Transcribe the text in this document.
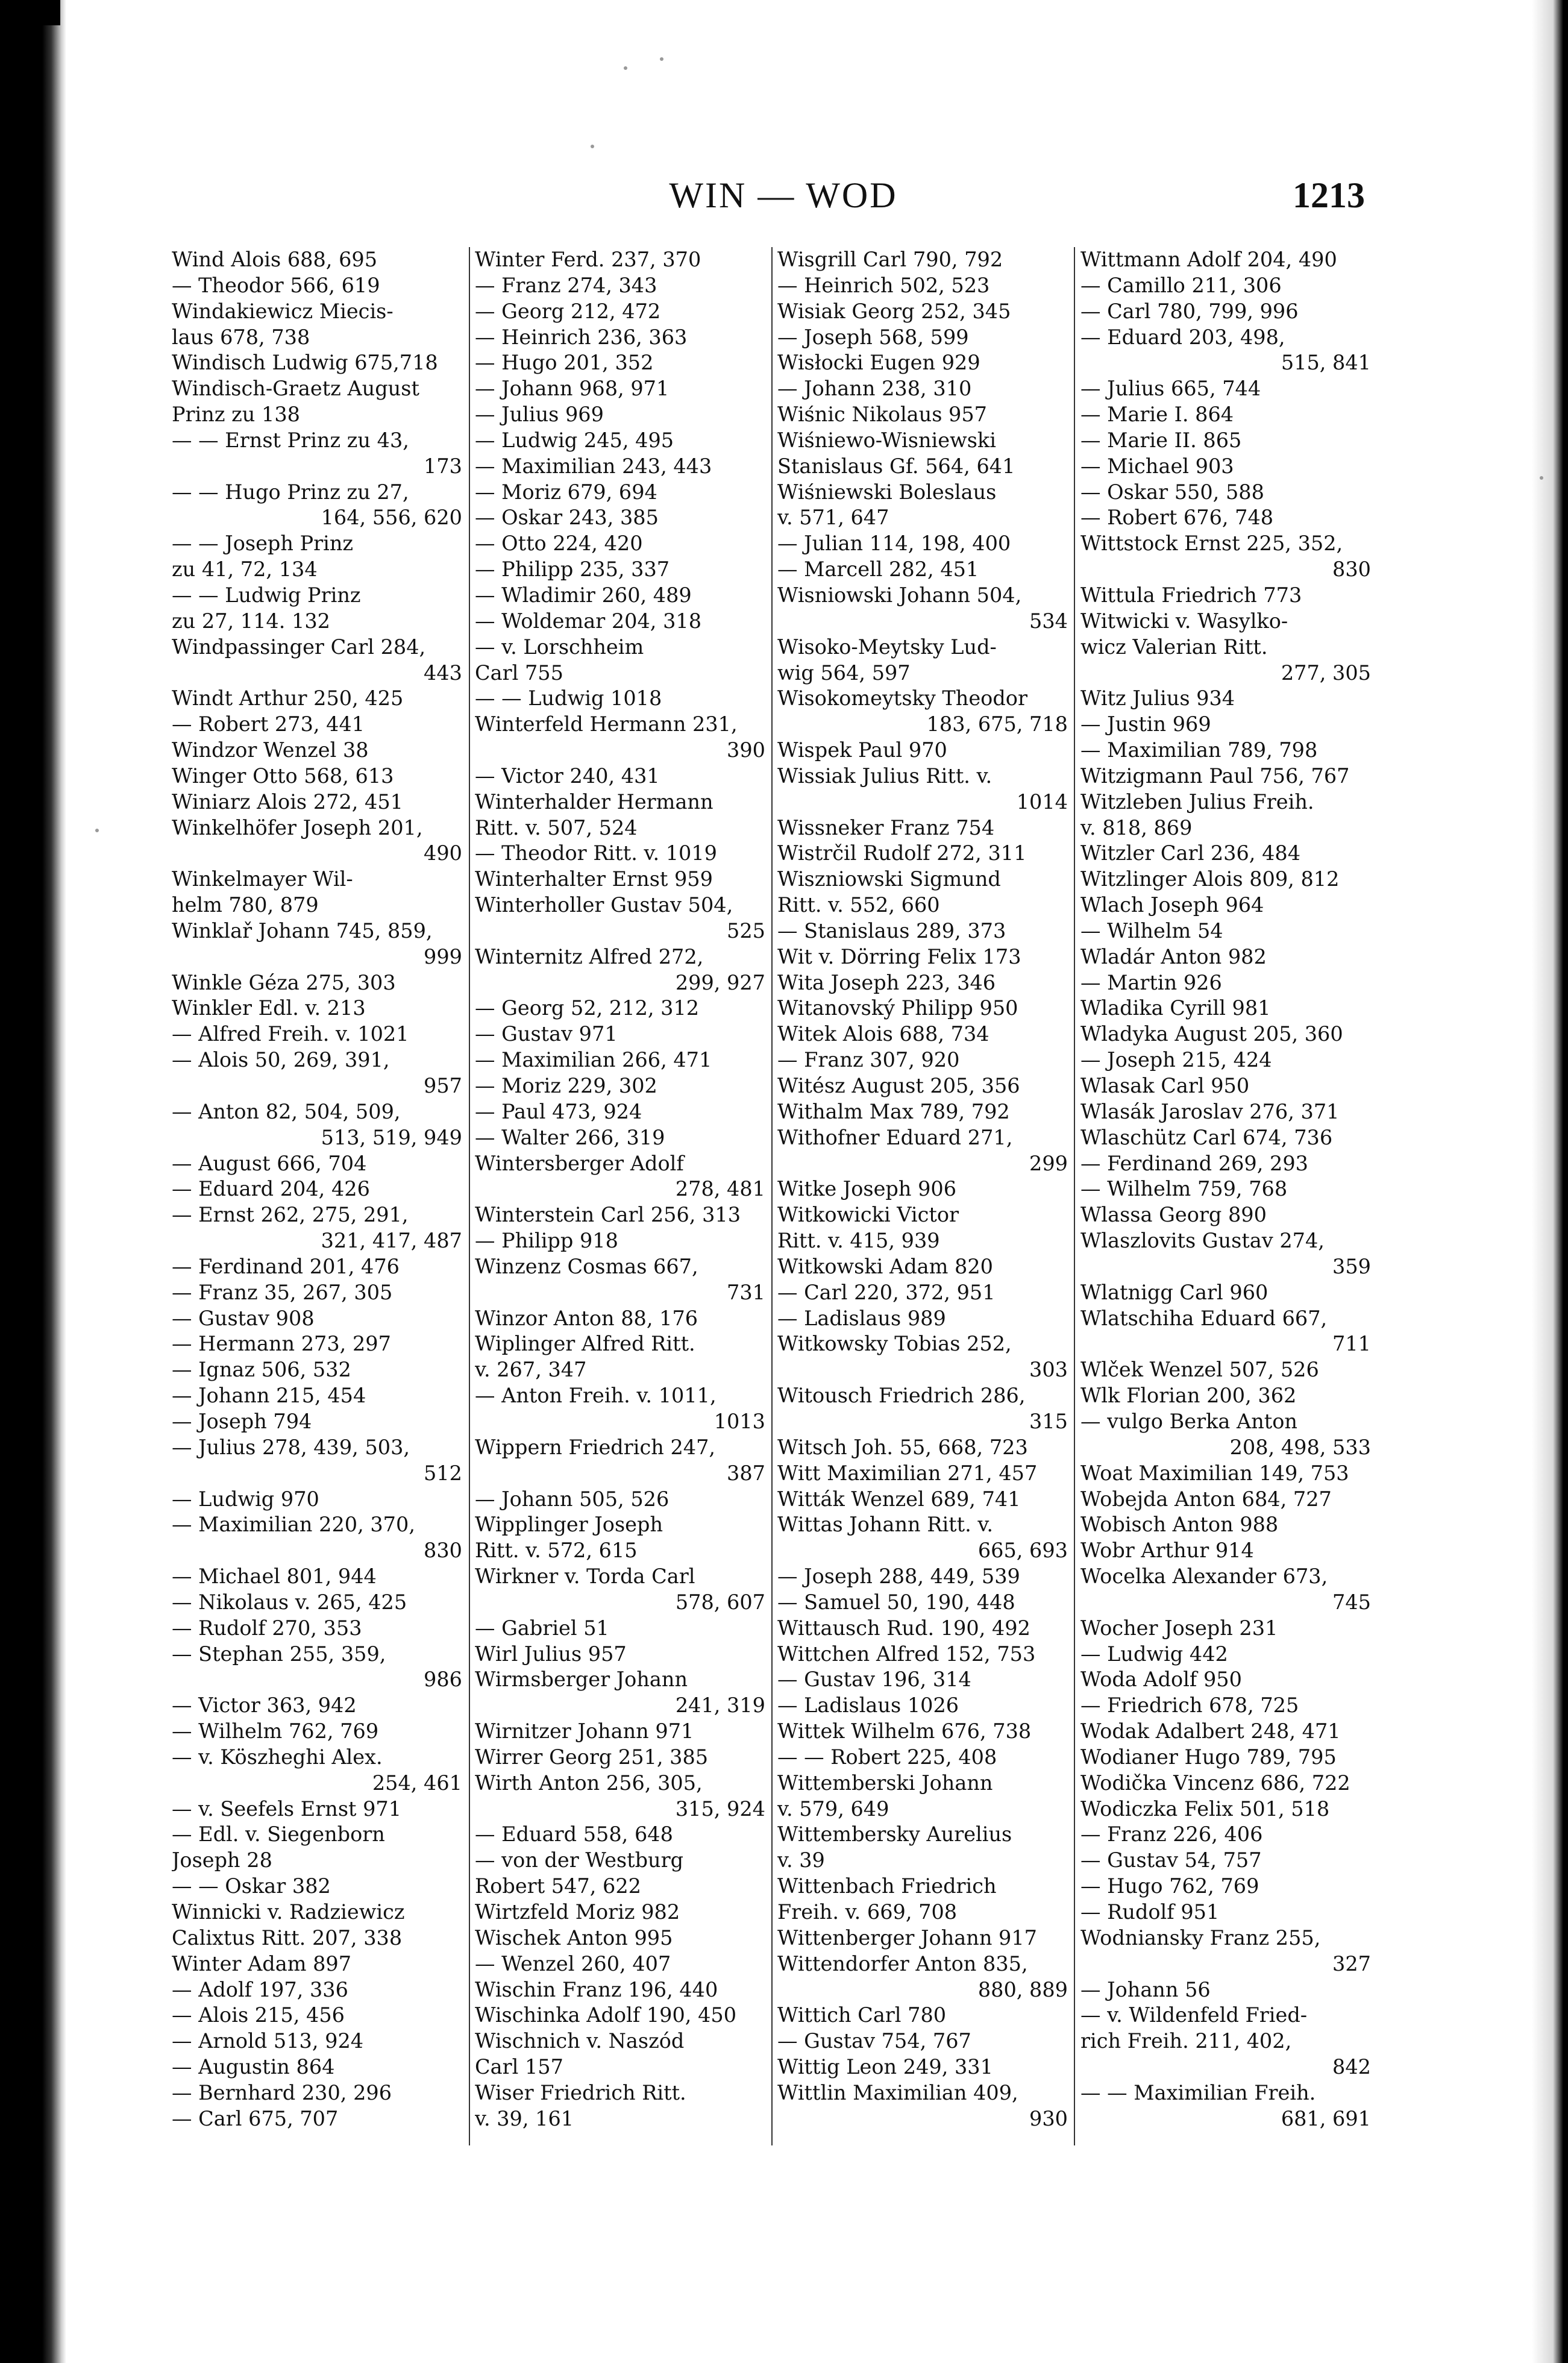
WIN — WOD	1213
Wind Alois 688, 695
— Theodor 566, 619
Windakiewicz Miecis-
laus 678, 738
Windisch Ludwig 675,718
Windisch-Graetz August
Prinz zu 138
— — Ernst Prinz zu 43,
173
— — Hugo Prinz zu 27,
164, 556, 620
— — Joseph Prinz
zu 41, 72, 134
— — Ludwig Prinz
zu 27, 114. 132
Windpassinger Carl 284,
443
Windt Arthur 250, 425
— Robert 273, 441
Windzor Wenzel 38
Winger Otto 568, 613
Winiarz Alois 272, 451
Winkelhöfer Joseph 201,
490
Winkelmayer Wil-
helm 780, 879
Winklař Johann 745, 859,
999
Winkle Géza 275, 303
Winkler Edl. v. 213
— Alfred Freih. v. 1021
— Alois 50, 269, 391,
957
— Anton 82, 504, 509,
513, 519, 949
— August 666, 704
— Eduard 204, 426
— Ernst 262, 275, 291,
321, 417, 487
— Ferdinand 201, 476
— Franz 35, 267, 305
— Gustav 908
— Hermann 273, 297
— Ignaz 506, 532
— Johann 215, 454
— Joseph 794
— Julius 278, 439, 503,
512
— Ludwig 970
— Maximilian 220, 370,
830
— Michael 801, 944
— Nikolaus v. 265, 425
— Rudolf 270, 353
— Stephan 255, 359,
986
— Victor 363, 942
— Wilhelm 762, 769
— v. Köszheghi Alex.
254, 461
— v. Seefels Ernst 971
— Edl. v. Siegenborn
Joseph 28
— — Oskar 382
Winnicki v. Radziewicz
Calixtus Ritt. 207, 338
Winter Adam 897
— Adolf 197, 336
— Alois 215, 456
— Arnold 513, 924
— Augustin 864
— Bernhard 230, 296
— Carl 675, 707
Winter Ferd. 237, 370
— Franz 274, 343
— Georg 212, 472
— Heinrich 236, 363
— Hugo 201, 352
— Johann 968, 971
— Julius 969
— Ludwig 245, 495
— Maximilian 243, 443
— Moriz 679, 694
— Oskar 243, 385
— Otto 224, 420
— Philipp 235, 337
— Wladimir 260, 489
— Woldemar 204, 318
— v. Lorschheim
Carl 755
— — Ludwig 1018
Winterfeld Hermann 231,
390
— Victor 240, 431
Winterhalder Hermann
Ritt. v. 507, 524
— Theodor Ritt. v. 1019
Winterhalter Ernst 959
Winterholler Gustav 504,
525
Winternitz Alfred 272,
299, 927
— Georg 52, 212, 312
— Gustav 971
— Maximilian 266, 471
— Moriz 229, 302
— Paul 473, 924
— Walter 266, 319
Wintersberger Adolf
278, 481
Winterstein Carl 256, 313
— Philipp 918
Winzenz Cosmas 667,
731
Winzor Anton 88, 176
Wiplinger Alfred Ritt.
v. 267, 347
— Anton Freih. v. 1011,
1013
Wippern Friedrich 247,
387
— Johann 505, 526
Wipplinger Joseph
Ritt. v. 572, 615
Wirkner v. Torda Carl
578, 607
— Gabriel 51
Wirl Julius 957
Wirmsberger Johann
241, 319
Wirnitzer Johann 971
Wirrer Georg 251, 385
Wirth Anton 256, 305,
315, 924
— Eduard 558, 648
— von der Westburg
Robert 547, 622
Wirtzfeld Moriz 982
Wischek Anton 995
— Wenzel 260, 407
Wischin Franz 196, 440
Wischinka Adolf 190, 450
Wischnich v. Naszód
Carl 157
Wiser Friedrich Ritt.
v. 39, 161
Wisgrill Carl 790, 792
— Heinrich 502, 523
Wisiak Georg 252, 345
— Joseph 568, 599
Wisłocki Eugen 929
— Johann 238, 310
Wiśnic Nikolaus 957
Wiśniewo-Wisniewski
Stanislaus Gf. 564, 641
Wiśniewski Boleslaus
v. 571, 647
— Julian 114, 198, 400
— Marcell 282, 451
Wisniowski Johann 504,
534
Wisoko-Meytsky Lud-
wig 564, 597
Wisokomeytsky Theodor
183, 675, 718
Wispek Paul 970
Wissiak Julius Ritt. v.
1014
Wissneker Franz 754
Wistrčil Rudolf 272, 311
Wiszniowski Sigmund
Ritt. v. 552, 660
— Stanislaus 289, 373
Wit v. Dörring Felix 173
Wita Joseph 223, 346
Witanovský Philipp 950
Witek Alois 688, 734
— Franz 307, 920
Witész August 205, 356
Withalm Max 789, 792
Withofner Eduard 271,
299
Witke Joseph 906
Witkowicki Victor
Ritt. v. 415, 939
Witkowski Adam 820
— Carl 220, 372, 951
— Ladislaus 989
Witkowsky Tobias 252,
303
Witousch Friedrich 286,
315
Witsch Joh. 55, 668, 723
Witt Maximilian 271, 457
Witták Wenzel 689, 741
Wittas Johann Ritt. v.
665, 693
— Joseph 288, 449, 539
— Samuel 50, 190, 448
Wittausch Rud. 190, 492
Wittchen Alfred 152, 753
— Gustav 196, 314
— Ladislaus 1026
Wittek Wilhelm 676, 738
— — Robert 225, 408
Wittemberski Johann
v. 579, 649
Wittembersky Aurelius
v. 39
Wittenbach Friedrich
Freih. v. 669, 708
Wittenberger Johann 917
Wittendorfer Anton 835,
880, 889
Wittich Carl 780
— Gustav 754, 767
Wittig Leon 249, 331
Wittlin Maximilian 409,
930
Wittmann Adolf 204, 490
— Camillo 211, 306
— Carl 780, 799, 996
— Eduard 203, 498,
515, 841
— Julius 665, 744
— Marie I. 864
— Marie II. 865
— Michael 903
— Oskar 550, 588
— Robert 676, 748
Wittstock Ernst 225, 352,
830
Wittula Friedrich 773
Witwicki v. Wasylko-
wicz Valerian Ritt.
277, 305
Witz Julius 934
— Justin 969
— Maximilian 789, 798
Witzigmann Paul 756, 767
Witzleben Julius Freih.
v. 818, 869
Witzler Carl 236, 484
Witzlinger Alois 809, 812
Wlach Joseph 964
— Wilhelm 54
Wladár Anton 982
— Martin 926
Wladika Cyrill 981
Wladyka August 205, 360
— Joseph 215, 424
Wlasak Carl 950
Wlasák Jaroslav 276, 371
Wlaschütz Carl 674, 736
— Ferdinand 269, 293
— Wilhelm 759, 768
Wlassa Georg 890
Wlaszlovits Gustav 274,
359
Wlatnigg Carl 960
Wlatschiha Eduard 667,
711
Wlček Wenzel 507, 526
Wlk Florian 200, 362
— vulgo Berka Anton
208, 498, 533
Woat Maximilian 149, 753
Wobejda Anton 684, 727
Wobisch Anton 988
Wobr Arthur 914
Wocelka Alexander 673,
745
Wocher Joseph 231
— Ludwig 442
Woda Adolf 950
— Friedrich 678, 725
Wodak Adalbert 248, 471
Wodianer Hugo 789, 795
Wodička Vincenz 686, 722
Wodiczka Felix 501, 518
— Franz 226, 406
— Gustav 54, 757
— Hugo 762, 769
— Rudolf 951
Wodniansky Franz 255,
327
— Johann 56
— v. Wildenfeld Fried-
rich Freih. 211, 402,
842
— — Maximilian Freih.
681, 691
